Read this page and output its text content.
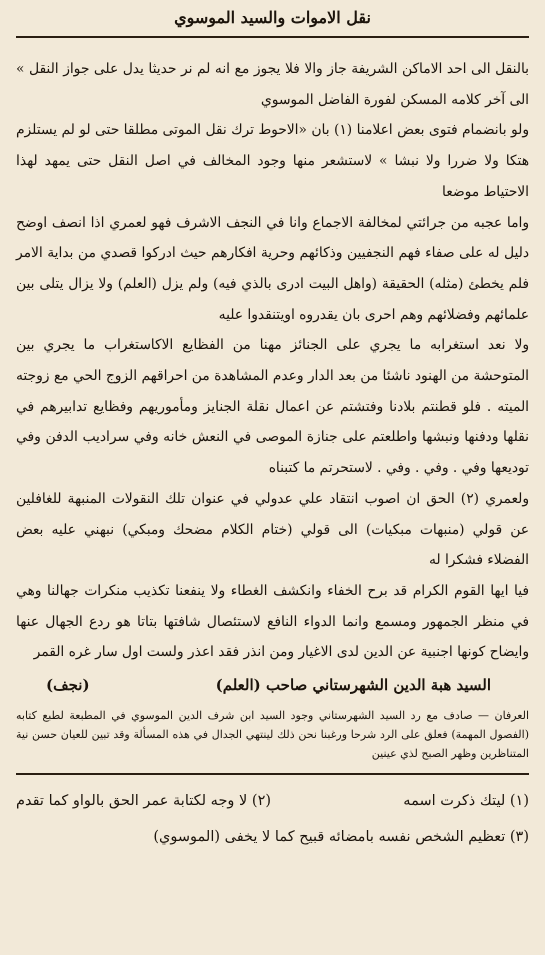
نقل الاموات والسيد الموسوي

بالنقل الى احد الاماكن الشريفة جاز والا فلا يجوز مع انه لم نر حديثا يدل على جواز النقل » الى آخر كلامه المسكن لفورة الفاضل الموسوي

ولو بانضمام فتوى بعض اعلامنا (١) بان «الاحوط ترك نقل الموتى مطلقا حتى لو لم يستلزم هتكا ولا ضررا ولا نبشا » لاستشعر منها وجود المخالف في اصل النقل حتى يمهد لهذا الاحتياط موضعا

واما عجبه من جرائتي لمخالفة الاجماع وانا في النجف الاشرف فهو لعمري اذا انصف اوضح دليل له على صفاء فهم النجفيين وذكائهم وحرية افكارهم حيث ادركوا قصدي من بداية الامر فلم يخطئ (مثله) الحقيقة (واهل البيت ادرى بالذي فيه) ولم يزل (العلم) ولا يزال يتلى بين علمائهم وفضلائهم وهم احرى بان يقدروه اويتنقدوا عليه

ولا نعد استغرابه ما يجري على الجنائز مهنا من الفظايع الاكاستغراب ما يجري بين المتوحشة من الهنود ناشئا من بعد الدار وعدم المشاهدة من احراقهم الزوج الحي مع زوجته الميته . فلو قطنتم بلادنا وفتشتم عن اعمال نقلة الجنايز ومأموريهم وفظايع تدابيرهم في نقلها ودفنها ونبشها واطلعتم على جنازة الموصى في النعش خانه وفي سراديب الدفن وفي توديعها وفي . وفي . وفي . لاستحرتم ما كتبناه

ولعمري (٢) الحق ان اصوب انتقاد علي عدولي في عنوان تلك النقولات المنبهة للغافلين عن قولي (منبهات مبكيات) الى قولي (ختام الكلام مضحك ومبكي) نبهني عليه بعض الفضلاء فشكرا له

فيا ايها القوم الكرام قد برح الخفاء وانكشف الغطاء ولا ينفعنا تكذيب منكرات جهالنا وهي في منظر الجمهور ومسمع وانما الدواء النافع لاستئصال شافتها بتاتا هو ردع الجهال عنها وايضاح كونها اجنبية عن الدين لدى الاغيار ومن انذر فقد اعذر ولست اول سار غره القمر

السيد هبة الدين الشهرستاني صاحب (العلم)
(نجف)

العرفان — صادف مع رد السيد الشهرستاني وجود السيد ابن شرف الدين الموسوي في المطبعة لطبع كتابه (الفصول المهمة) فعلق على الرد شرحا ورغبنا نحن ذلك لينتهي الجدال في هذه المسألة وقد تبين للعيان حسن نية المتناظرين وظهر الصبح لذي عينين

(١) ليتك ذكرت اسمه
(٢) لا وجه لكتابة عمر الحق بالواو كما تقدم
(٣) تعظيم الشخص نفسه بامضائه قبيح كما لا يخفى (الموسوي)
